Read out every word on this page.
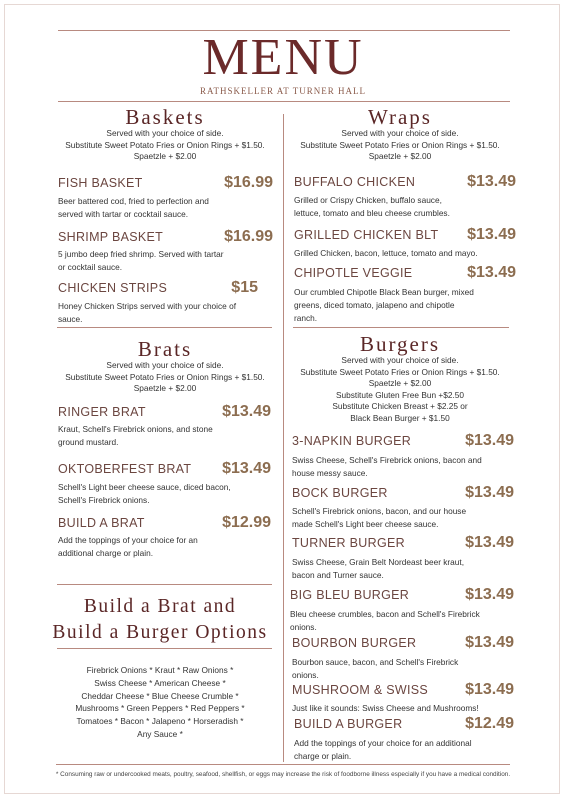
MENU
RATHSKELLER AT TURNER HALL
Baskets
Served with your choice of side.
Substitute Sweet Potato Fries or Onion Rings + $1.50.
Spaetzle + $2.00
FISH BASKET	$16.99
Beer battered cod, fried to perfection and
served with tartar or cocktail sauce.
SHRIMP BASKET	$16.99
5 jumbo deep fried shrimp. Served with tartar
or cocktail sauce.
CHICKEN STRIPS	$15
Honey Chicken Strips served with your choice of
sauce.
Brats
Served with your choice of side.
Substitute Sweet Potato Fries or Onion Rings + $1.50.
Spaetzle + $2.00
RINGER BRAT	$13.49
Kraut, Schell's Firebrick onions, and stone
ground mustard.
OKTOBERFEST BRAT $13.49
Schell's Light beer cheese sauce, diced bacon,
Schell's Firebrick onions.
BUILD A BRAT	$12.99
Add the toppings of your choice for an
additional charge or plain.
Build a Brat and
Build a Burger Options
Firebrick Onions * Kraut * Raw Onions *
Swiss Cheese * American Cheese *
Cheddar Cheese * Blue Cheese Crumble *
Mushrooms * Green Peppers * Red Peppers *
Tomatoes * Bacon * Jalapeno * Horseradish *
Any Sauce *
Wraps
Served with your choice of side.
Substitute Sweet Potato Fries or Onion Rings + $1.50.
Spaetzle + $2.00
BUFFALO CHICKEN	$13.49
Grilled or Crispy Chicken, buffalo sauce,
lettuce, tomato and bleu cheese crumbles.
GRILLED CHICKEN BLT $13.49
Grilled Chicken, bacon, lettuce, tomato and mayo.
CHIPOTLE VEGGIE	$13.49
Our crumbled Chipotle Black Bean burger, mixed
greens, diced tomato, jalapeno and chipotle
ranch.
Burgers
Served with your choice of side.
Substitute Sweet Potato Fries or Onion Rings + $1.50.
Spaetzle + $2.00
Substitute Gluten Free Bun +$2.50
Substitute Chicken Breast + $2.25 or
Black Bean Burger + $1.50
3-NAPKIN BURGER	$13.49
Swiss Cheese, Schell's Firebrick onions, bacon and
house messy sauce.
BOCK BURGER	$13.49
Schell's Firebrick onions, bacon, and our house
made Schell's Light beer cheese sauce.
TURNER BURGER	$13.49
Swiss Cheese, Grain Belt Nordeast beer kraut,
bacon and Turner sauce.
BIG BLEU BURGER	$13.49
Bleu cheese crumbles, bacon and Schell's Firebrick
onions.
BOURBON BURGER	$13.49
Bourbon sauce, bacon, and Schell's Firebrick
onions.
MUSHROOM & SWISS $13.49
Just like it sounds: Swiss Cheese and Mushrooms!
BUILD A BURGER	$12.49
Add the toppings of your choice for an additional
charge or plain.
* Consuming raw or undercooked meats, poultry, seafood, shellfish, or eggs may increase the risk of foodborne illness especially if you have a medical condition.
